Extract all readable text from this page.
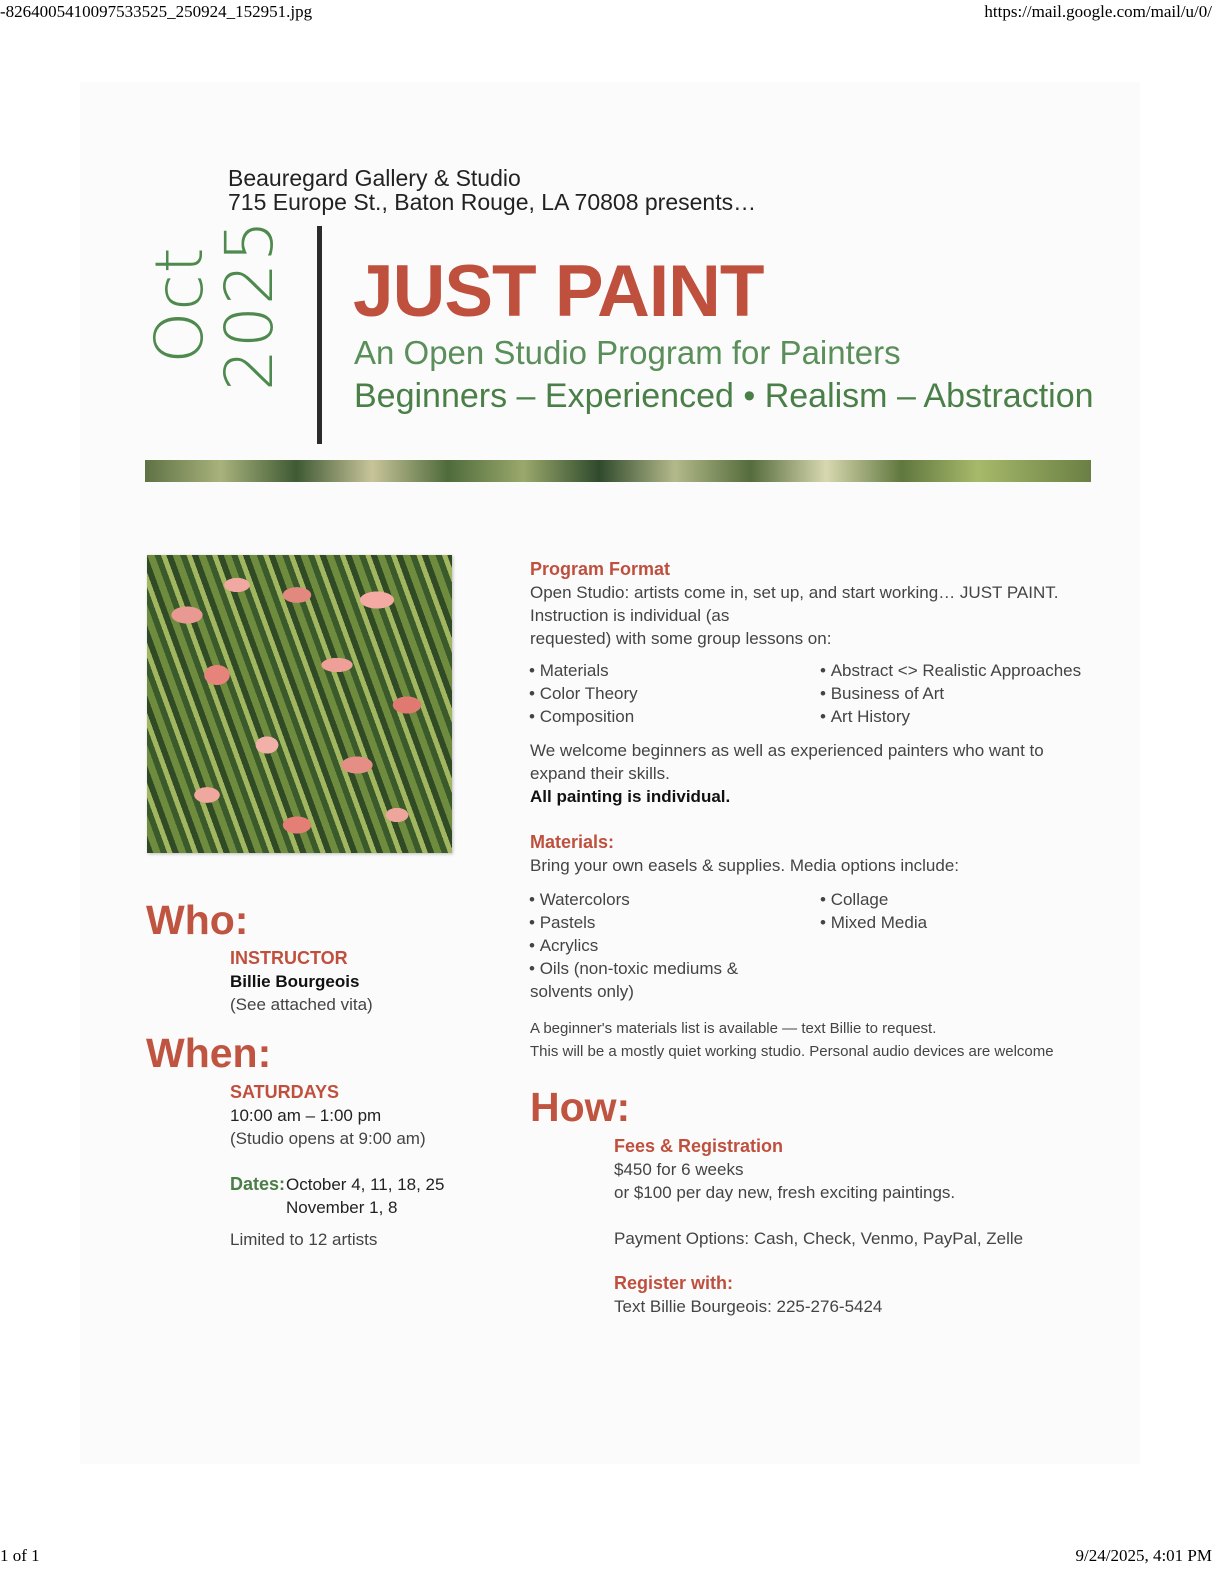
-8264005410097533525_250924_152951.jpg	https://mail.google.com/mail/u/0/
1 of 1	9/24/2025, 4:01 PM
Oct 2025
Beauregard Gallery & Studio
715 Europe St., Baton Rouge, LA 70808 presents…
JUST PAINT
An Open Studio Program for Painters
Beginners – Experienced • Realism – Abstraction
Program Format
Open Studio: artists come in, set up, and start working… JUST PAINT.
Instruction is individual (as
requested) with some group lessons on:
• Materials
• Color Theory
• Composition
• Abstract <> Realistic Approaches
• Business of Art
• Art History
We welcome beginners as well as experienced painters who want to
expand their skills.
All painting is individual.
Materials:
Bring your own easels & supplies. Media options include:
• Watercolors
• Pastels
• Acrylics
• Oils (non-toxic mediums &
solvents only)
• Collage
• Mixed Media
A beginner's materials list is available — text Billie to request.
This will be a mostly quiet working studio. Personal audio devices are welcome
Who:
INSTRUCTOR
Billie Bourgeois
(See attached vita)
When:
SATURDAYS
10:00 am – 1:00 pm
(Studio opens at 9:00 am)
Dates: October 4, 11, 18, 25
November 1, 8
Limited to 12 artists
How:
Fees & Registration
$450 for 6 weeks
or $100 per day new, fresh exciting paintings.
Payment Options: Cash, Check, Venmo, PayPal, Zelle
Register with:
Text Billie Bourgeois: 225-276-5424
